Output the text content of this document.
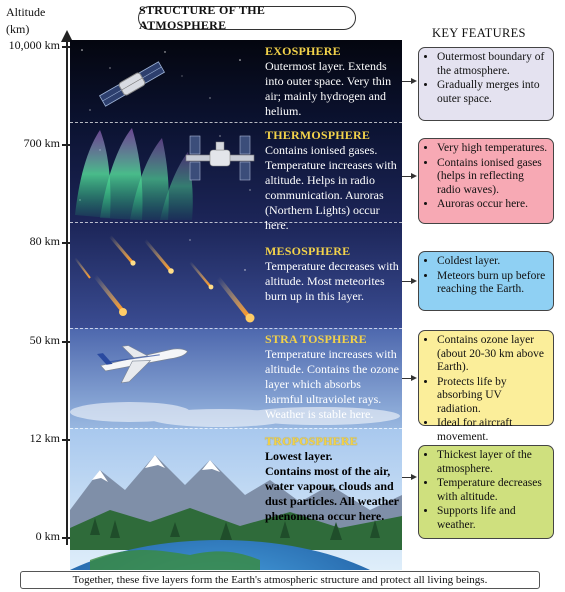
Altitude
(km)
10,000 km
700 km
80 km
50 km
12 km
0 km
STRUCTURE OF THE ATMOSPHERE
KEY FEATURES
EXOSPHERE
Outermost layer. Extends into outer space. Very thin air; mainly hydrogen and helium.
THERMOSPHERE
Contains ionised gases. Temperature increases with altitude. Helps in radio communication. Auroras (Northern Lights) occur here.
MESOSPHERE
Temperature decreases with altitude. Most meteorites burn up in this layer.
STRA TOSPHERE
Temperature increases with altitude. Contains the ozone layer which absorbs harmful ultraviolet rays. Weather is stable here.
TROPOSPHERE
Lowest layer.
Contains most of the air, water vapour, clouds and dust particles. All weather phenomena occur here.
• Outermost boundary of the atmosphere.
• Gradually merges into outer space.
• Very high temperatures.
• Contains ionised gases (helps in reflecting radio waves).
• Auroras occur here.
• Coldest layer.
• Meteors burn up before reaching the Earth.
• Contains ozone layer (about 20-30 km above Earth).
• Protects life by absorbing UV radiation.
• Ideal for aircraft movement.
• Thickest layer of the atmosphere.
• Temperature decreases with altitude.
• Supports life and weather.
Together, these five layers form the Earth's atmospheric structure and protect all living beings.
